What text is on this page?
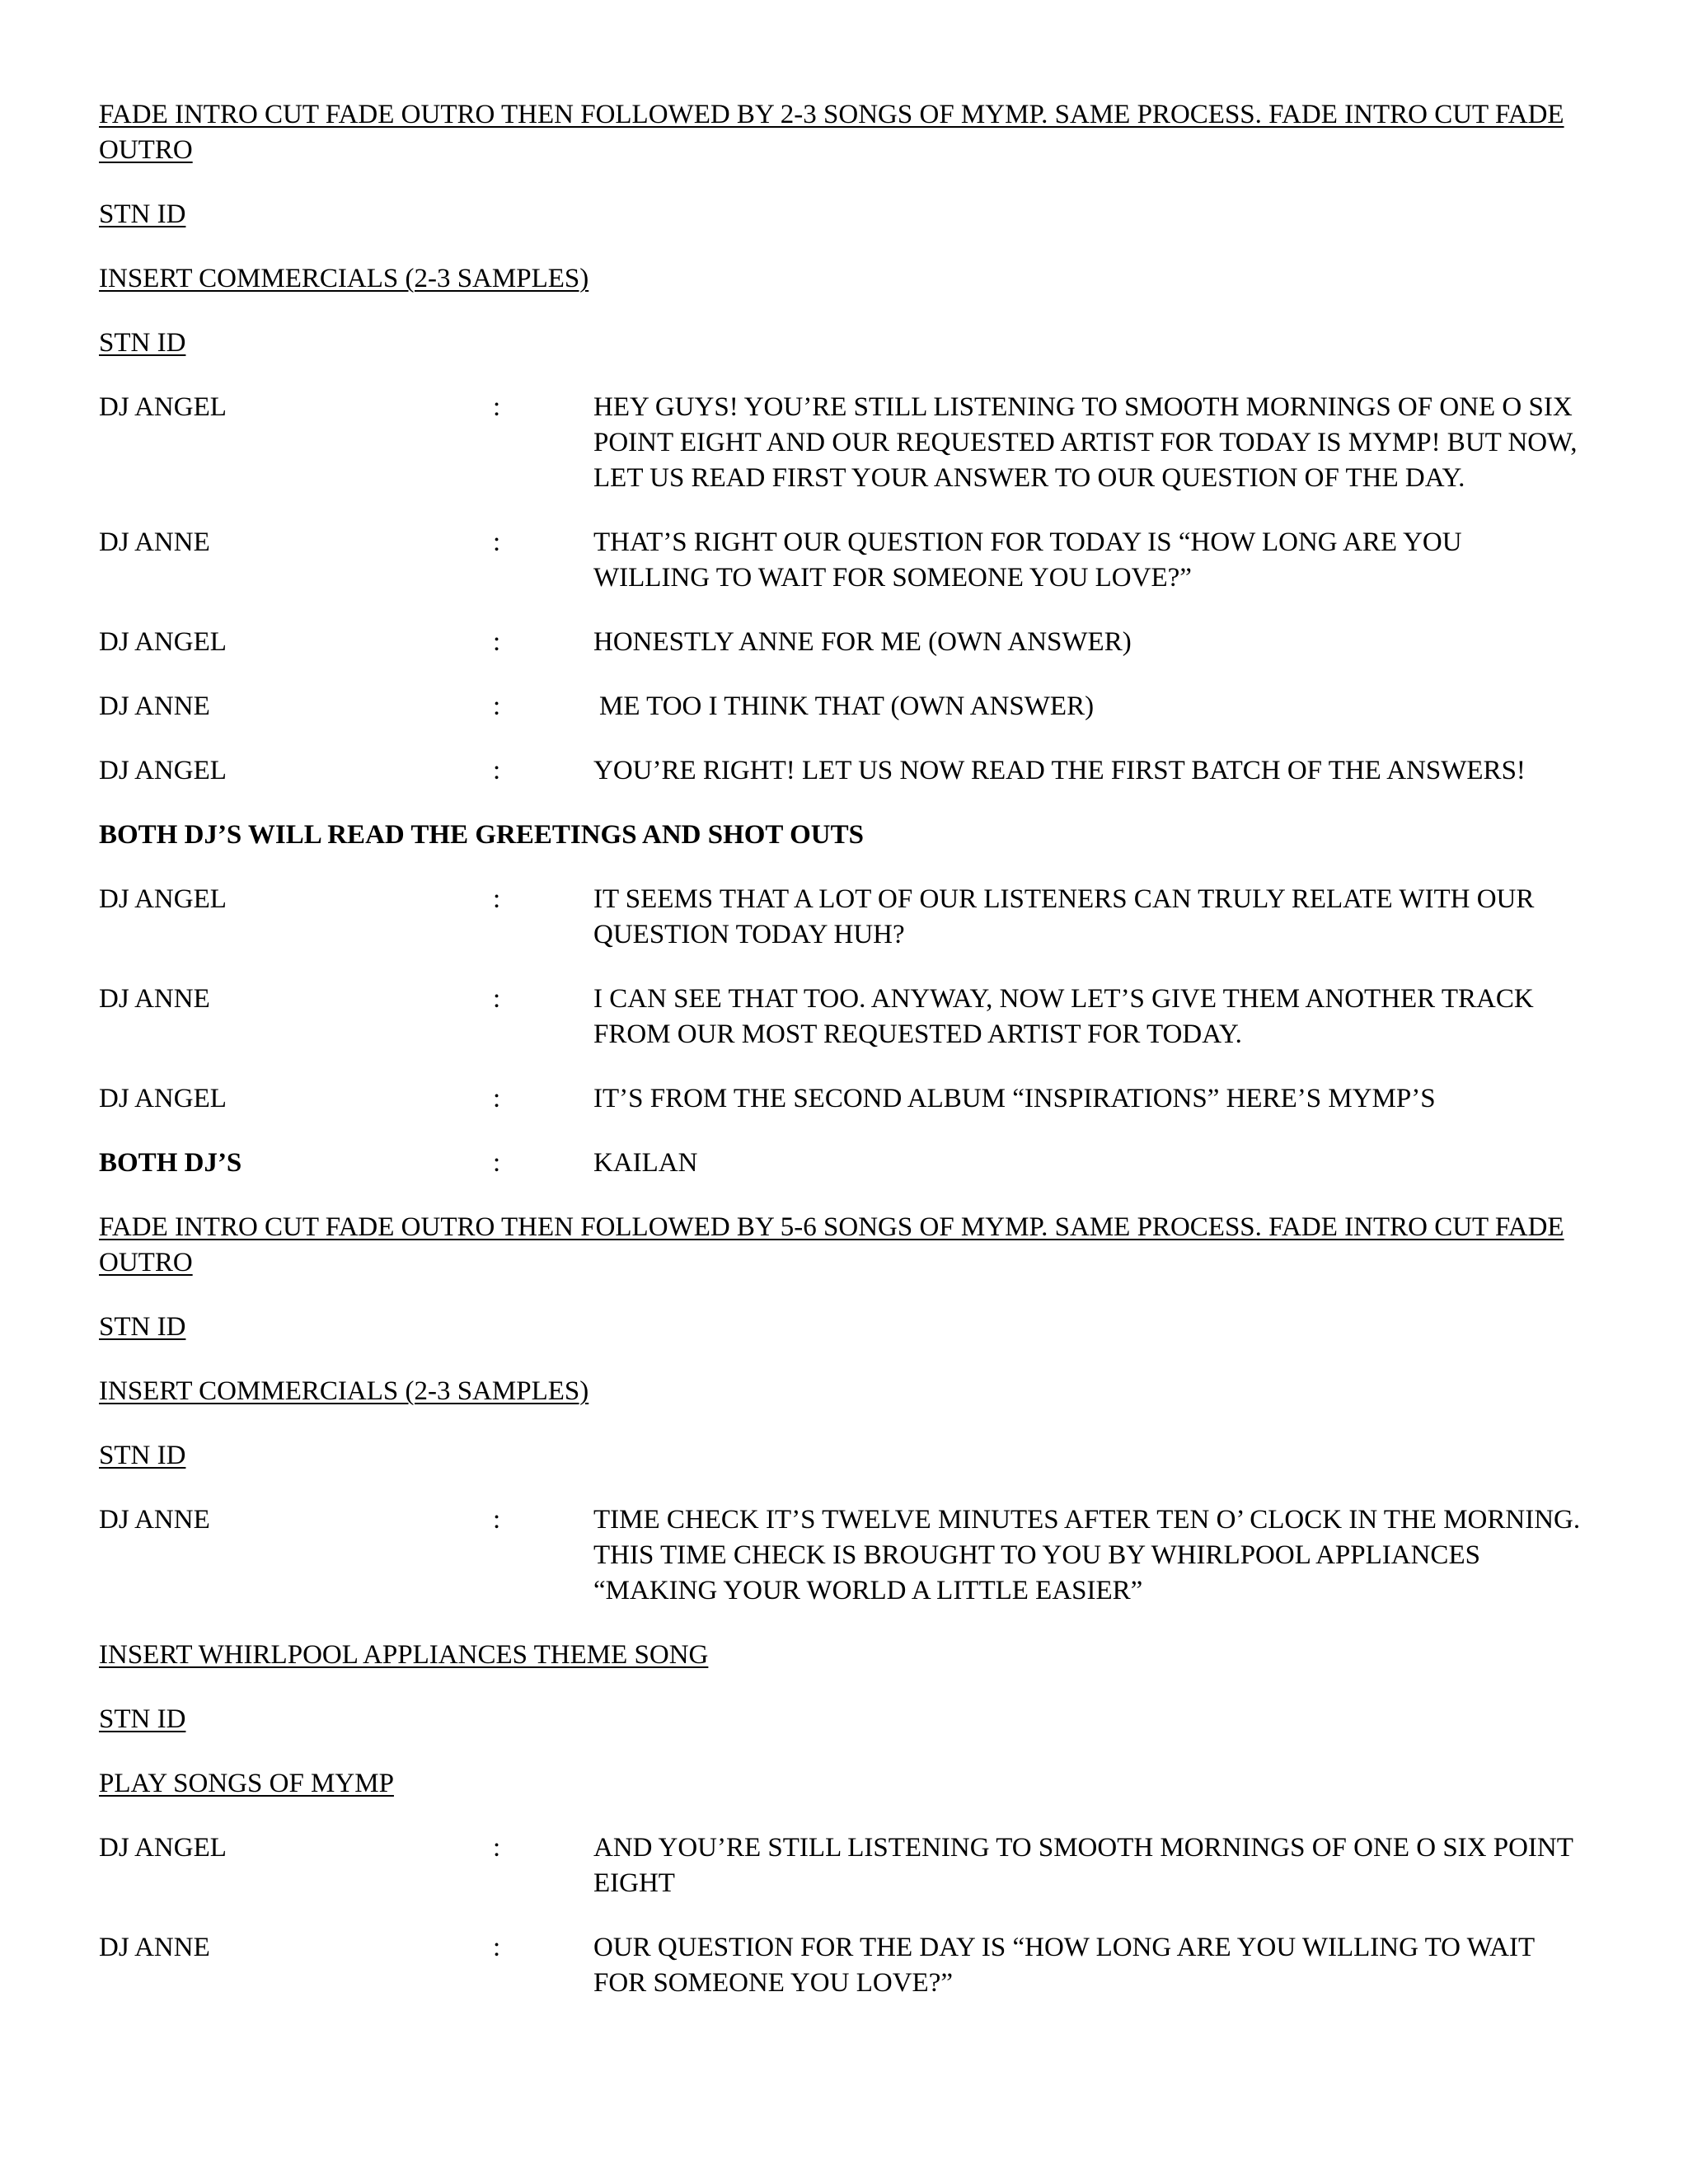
FADE INTRO CUT FADE OUTRO THEN FOLLOWED BY 2-3 SONGS OF MYMP. SAME PROCESS. FADE INTRO CUT FADE OUTRO
STN ID
INSERT COMMERCIALS (2-3 SAMPLES)
STN ID
DJ ANGEL	:	HEY GUYS! YOU’RE STILL LISTENING TO SMOOTH MORNINGS OF ONE O SIX POINT EIGHT AND OUR REQUESTED ARTIST FOR TODAY IS MYMP! BUT NOW, LET US READ FIRST YOUR ANSWER TO OUR QUESTION OF THE DAY.
DJ ANNE	:	THAT’S RIGHT OUR QUESTION FOR TODAY IS “HOW LONG ARE YOU WILLING TO WAIT FOR SOMEONE YOU LOVE?”
DJ ANGEL	:	HONESTLY ANNE FOR ME (OWN ANSWER)
DJ ANNE	:	ME TOO I THINK THAT (OWN ANSWER)
DJ ANGEL	:	YOU’RE RIGHT! LET US NOW READ THE FIRST BATCH OF THE ANSWERS!
BOTH DJ’S WILL READ THE GREETINGS AND SHOT OUTS
DJ ANGEL	:	IT SEEMS THAT A LOT OF OUR LISTENERS CAN TRULY RELATE WITH OUR QUESTION TODAY HUH?
DJ ANNE	:	I CAN SEE THAT TOO. ANYWAY, NOW LET’S GIVE THEM ANOTHER TRACK FROM OUR MOST REQUESTED ARTIST FOR TODAY.
DJ ANGEL	:	IT’S FROM THE SECOND ALBUM “INSPIRATIONS” HERE’S MYMP’S
BOTH DJ’S	:	KAILAN
FADE INTRO CUT FADE OUTRO THEN FOLLOWED BY 5-6 SONGS OF MYMP. SAME PROCESS. FADE INTRO CUT FADE OUTRO
STN ID
INSERT COMMERCIALS (2-3 SAMPLES)
STN ID
DJ ANNE	:	TIME CHECK IT’S TWELVE MINUTES AFTER TEN O’ CLOCK IN THE MORNING. THIS TIME CHECK IS BROUGHT TO YOU BY WHIRLPOOL APPLIANCES “MAKING YOUR WORLD A LITTLE EASIER”
INSERT WHIRLPOOL APPLIANCES THEME SONG
STN ID
PLAY SONGS OF MYMP
DJ ANGEL	:	AND YOU’RE STILL LISTENING TO SMOOTH MORNINGS OF ONE O SIX POINT EIGHT
DJ ANNE	:	OUR QUESTION FOR THE DAY IS “HOW LONG ARE YOU WILLING TO WAIT FOR SOMEONE YOU LOVE?”
